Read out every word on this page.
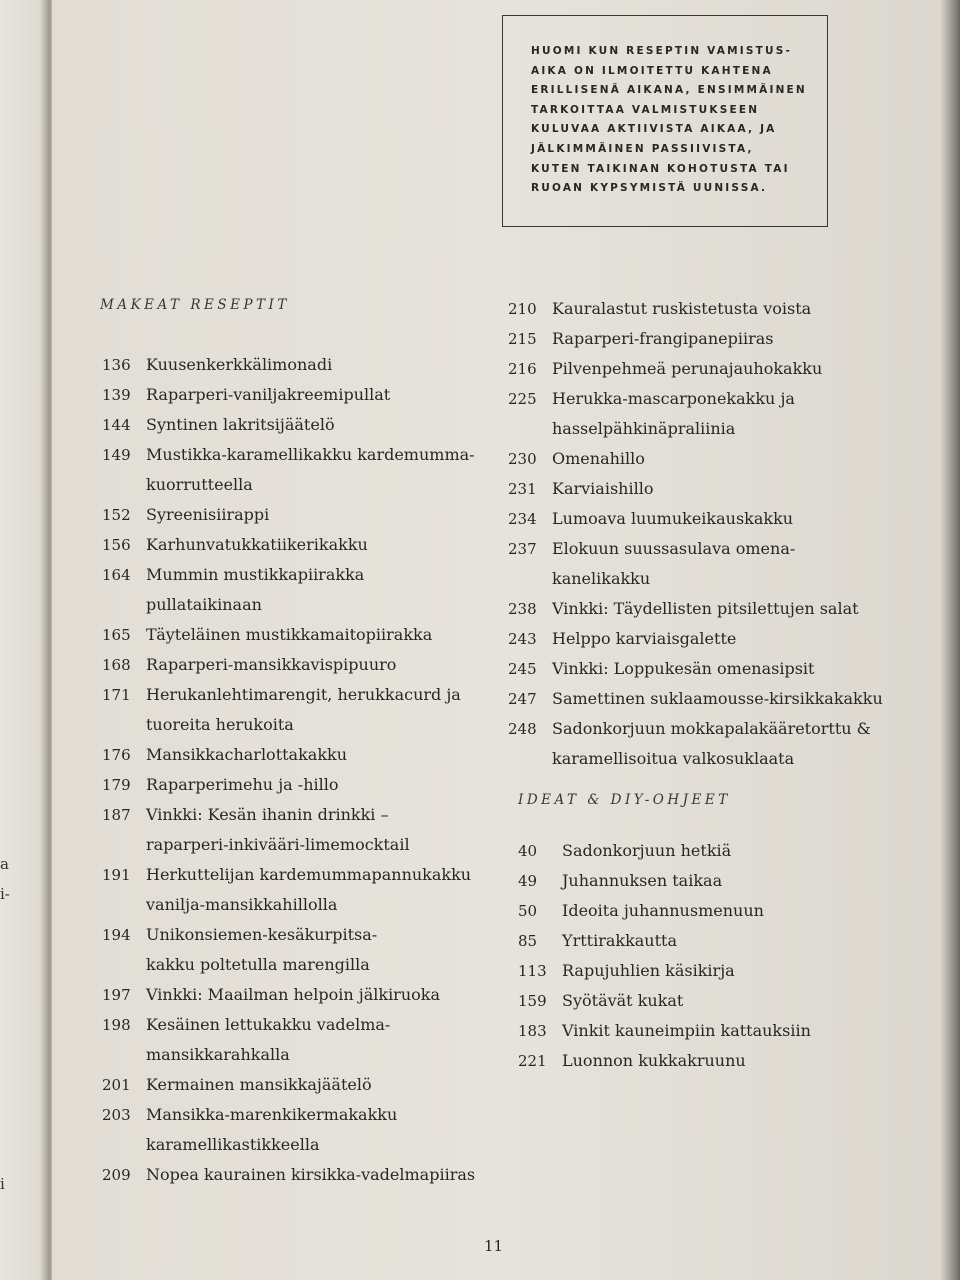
a
i-
i
HUOMI KUN RESEPTIN VAMISTUS-
AIKA ON ILMOITETTU KAHTENA
ERILLISENÄ AIKANA, ENSIMMÄINEN
TARKOITTAA VALMISTUKSEEN
KULUVAA AKTIIVISTA AIKAA, JA
JÄLKIMMÄINEN PASSIIVISTA,
KUTEN TAIKINAN KOHOTUSTA TAI
RUOAN KYPSYMISTÄ UUNISSA.
MAKEAT RESEPTIT
136 Kuusenkerkkälimonadi
139 Raparperi-vaniljakreemipullat
144 Syntinen lakritsijäätelö
149 Mustikka-karamellikakku kardemumma-
kuorrutteella
152 Syreenisiirappi
156 Karhunvatukkatiikerikakku
164 Mummin mustikkapiirakka
pullataikinaan
165 Täyteläinen mustikkamaitopiirakka
168 Raparperi-mansikkavispipuuro
171 Herukanlehtimarengit, herukkacurd ja
tuoreita herukoita
176 Mansikkacharlottakakku
179 Raparperimehu ja -hillo
187 Vinkki: Kesän ihanin drinkki –
raparperi-inkivääri-limemocktail
191 Herkuttelijan kardemummapannukakku
vanilja-mansikkahillolla
194 Unikonsiemen-kesäkurpitsa-
kakku poltetulla marengilla
197 Vinkki: Maailman helpoin jälkiruoka
198 Kesäinen lettukakku vadelma-
mansikkarahkalla
201 Kermainen mansikkajäätelö
203 Mansikka-marenkikermakakku
karamellikastikkeella
209 Nopea kaurainen kirsikka-vadelmapiiras
210 Kauralastut ruskistetusta voista
215 Raparperi-frangipanepiiras
216 Pilvenpehmeä perunajauhokakku
225 Herukka-mascarponekakku ja
hasselpähkinäpraliinia
230 Omenahillo
231 Karviaishillo
234 Lumoava luumukeikauskakku
237 Elokuun suussasulava omena-
kanelikakku
238 Vinkki: Täydellisten pitsilettujen salat
243 Helppo karviaisgalette
245 Vinkki: Loppukesän omenasipsit
247 Samettinen suklaamousse-kirsikkakakku
248 Sadonkorjuun mokkapalakääretorttu &
karamellisoitua valkosuklaata
IDEAT & DIY-OHJEET
40	Sadonkorjuun hetkiä
49	Juhannuksen taikaa
50	Ideoita juhannusmenuun
85	Yrttirakkautta
113 Rapujuhlien käsikirja
159 Syötävät kukat
183 Vinkit kauneimpiin kattauksiin
221 Luonnon kukkakruunu
11
